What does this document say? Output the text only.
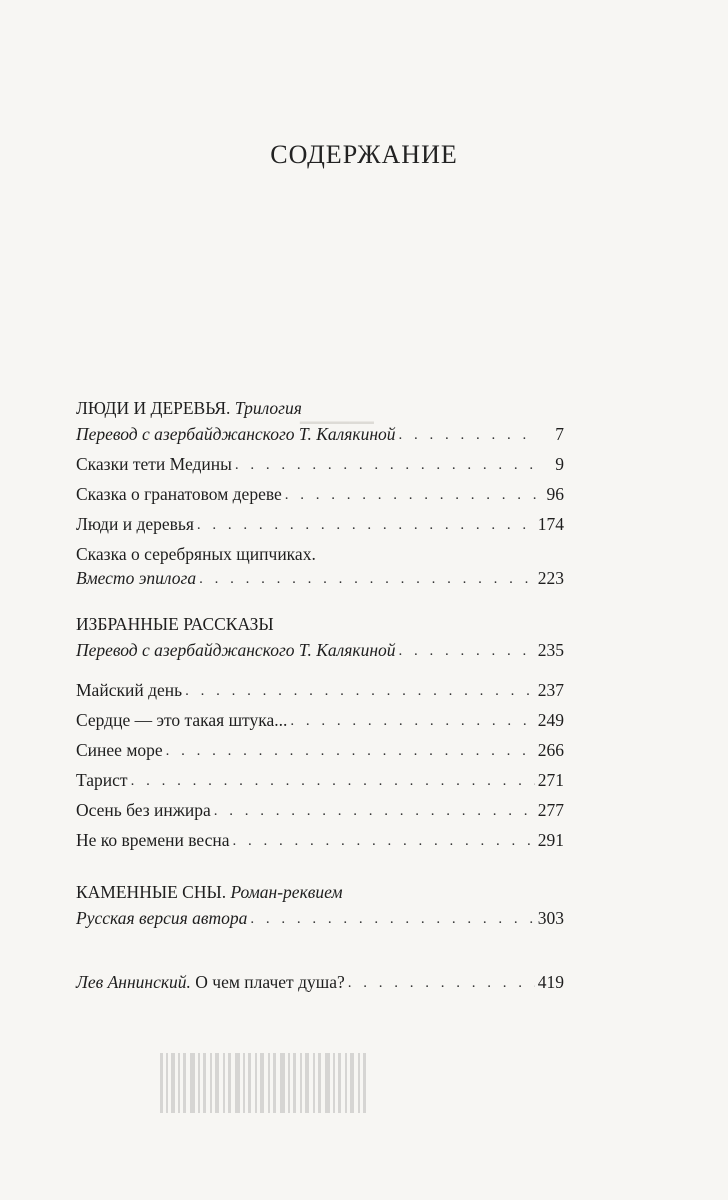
СОДЕРЖАНИЕ
▁▁▁▁▁▁
ЛЮДИ И ДЕРЕВЬЯ. Трилогия
Перевод с азербайджанского Т. Калякиной . . .	7
Сказки тети Медины . . .	9
Сказка о гранатовом дереве . . .	96
Люди и деревья . . .	174
Сказка о серебряных щипчиках.
Вместо эпилога . . .	223
ИЗБРАННЫЕ РАССКАЗЫ
Перевод с азербайджанского Т. Калякиной . . .	235
Майский день . . .	237
Сердце — это такая штука... . . .	249
Синее море . . .	266
Тарист . . .	271
Осень без инжира . . .	277
Не ко времени весна . . .	291
КАМЕННЫЕ СНЫ. Роман-реквием
Русская версия автора . . .	303
Лев Аннинский. О чем плачет душа? . . .	419
